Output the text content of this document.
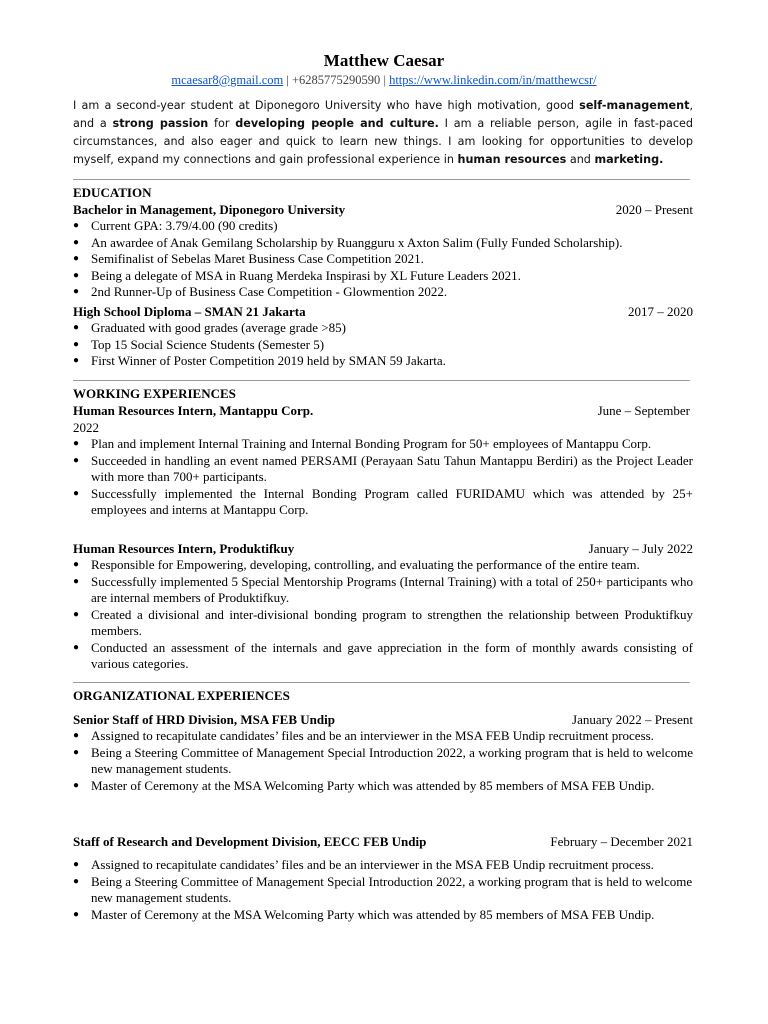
Matthew Caesar
mcaesar8@gmail.com | +6285775290590 | https://www.linkedin.com/in/matthewcsr/
I am a second-year student at Diponegoro University who have high motivation, good self-management, and a strong passion for developing people and culture. I am a reliable person, agile in fast-paced circumstances, and also eager and quick to learn new things. I am looking for opportunities to develop myself, expand my connections and gain professional experience in human resources and marketing.
EDUCATION
Bachelor in Management, Diponegoro University	2020 – Present
● Current GPA: 3.79/4.00 (90 credits)
● An awardee of Anak Gemilang Scholarship by Ruangguru x Axton Salim (Fully Funded Scholarship).
● Semifinalist of Sebelas Maret Business Case Competition 2021.
● Being a delegate of MSA in Ruang Merdeka Inspirasi by XL Future Leaders 2021.
● 2nd Runner-Up of Business Case Competition - Glowmention 2022.
High School Diploma – SMAN 21 Jakarta	2017 – 2020
● Graduated with good grades (average grade >85)
● Top 15 Social Science Students (Semester 5)
● First Winner of Poster Competition 2019 held by SMAN 59 Jakarta.
WORKING EXPERIENCES
Human Resources Intern, Mantappu Corp.	June – September
2022
● Plan and implement Internal Training and Internal Bonding Program for 50+ employees of Mantappu Corp.
● Succeeded in handling an event named PERSAMI (Perayaan Satu Tahun Mantappu Berdiri) as the Project Leader with more than 700+ participants.
● Successfully implemented the Internal Bonding Program called FURIDAMU which was attended by 25+ employees and interns at Mantappu Corp.
Human Resources Intern, Produktifkuy	January – July 2022
● Responsible for Empowering, developing, controlling, and evaluating the performance of the entire team.
● Successfully implemented 5 Special Mentorship Programs (Internal Training) with a total of 250+ participants who are internal members of Produktifkuy.
● Created a divisional and inter-divisional bonding program to strengthen the relationship between Produktifkuy members.
● Conducted an assessment of the internals and gave appreciation in the form of monthly awards consisting of various categories.
ORGANIZATIONAL EXPERIENCES
Senior Staff of HRD Division, MSA FEB Undip	January 2022 – Present
● Assigned to recapitulate candidates’ files and be an interviewer in the MSA FEB Undip recruitment process.
● Being a Steering Committee of Management Special Introduction 2022, a working program that is held to welcome new management students.
● Master of Ceremony at the MSA Welcoming Party which was attended by 85 members of MSA FEB Undip.
Staff of Research and Development Division, EECC FEB Undip	February – December 2021
● Assigned to recapitulate candidates’ files and be an interviewer in the MSA FEB Undip recruitment process.
● Being a Steering Committee of Management Special Introduction 2022, a working program that is held to welcome new management students.
● Master of Ceremony at the MSA Welcoming Party which was attended by 85 members of MSA FEB Undip.
